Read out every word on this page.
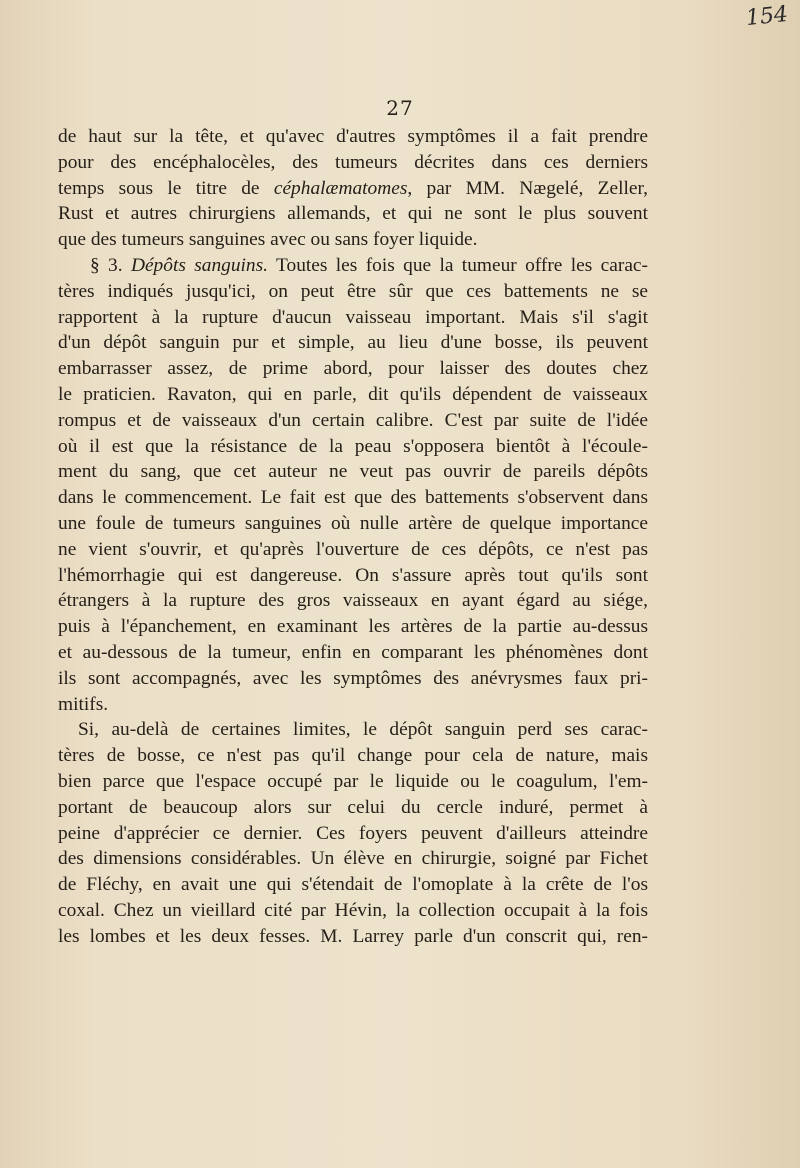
154
27
de haut sur la tête, et qu'avec d'autres symptômes il a fait prendre
pour des encéphalocèles, des tumeurs décrites dans ces derniers
temps sous le titre de céphalæmatomes, par MM. Nægelé, Zeller,
Rust et autres chirurgiens allemands, et qui ne sont le plus souvent
que des tumeurs sanguines avec ou sans foyer liquide.
§ 3. Dépôts sanguins. Toutes les fois que la tumeur offre les carac-
tères indiqués jusqu'ici, on peut être sûr que ces battements ne se
rapportent à la rupture d'aucun vaisseau important. Mais s'il s'agit
d'un dépôt sanguin pur et simple, au lieu d'une bosse, ils peuvent
embarrasser assez, de prime abord, pour laisser des doutes chez
le praticien. Ravaton, qui en parle, dit qu'ils dépendent de vaisseaux
rompus et de vaisseaux d'un certain calibre. C'est par suite de l'idée
où il est que la résistance de la peau s'opposera bientôt à l'écoule-
ment du sang, que cet auteur ne veut pas ouvrir de pareils dépôts
dans le commencement. Le fait est que des battements s'observent dans
une foule de tumeurs sanguines où nulle artère de quelque importance
ne vient s'ouvrir, et qu'après l'ouverture de ces dépôts, ce n'est pas
l'hémorrhagie qui est dangereuse. On s'assure après tout qu'ils sont
étrangers à la rupture des gros vaisseaux en ayant égard au siége,
puis à l'épanchement, en examinant les artères de la partie au-dessus
et au-dessous de la tumeur, enfin en comparant les phénomènes dont
ils sont accompagnés, avec les symptômes des anévrysmes faux pri-
mitifs.
Si, au-delà de certaines limites, le dépôt sanguin perd ses carac-
tères de bosse, ce n'est pas qu'il change pour cela de nature, mais
bien parce que l'espace occupé par le liquide ou le coagulum, l'em-
portant de beaucoup alors sur celui du cercle induré, permet à
peine d'apprécier ce dernier. Ces foyers peuvent d'ailleurs atteindre
des dimensions considérables. Un élève en chirurgie, soigné par Fichet
de Fléchy, en avait une qui s'étendait de l'omoplate à la crête de l'os
coxal. Chez un vieillard cité par Hévin, la collection occupait à la fois
les lombes et les deux fesses. M. Larrey parle d'un conscrit qui, ren-
